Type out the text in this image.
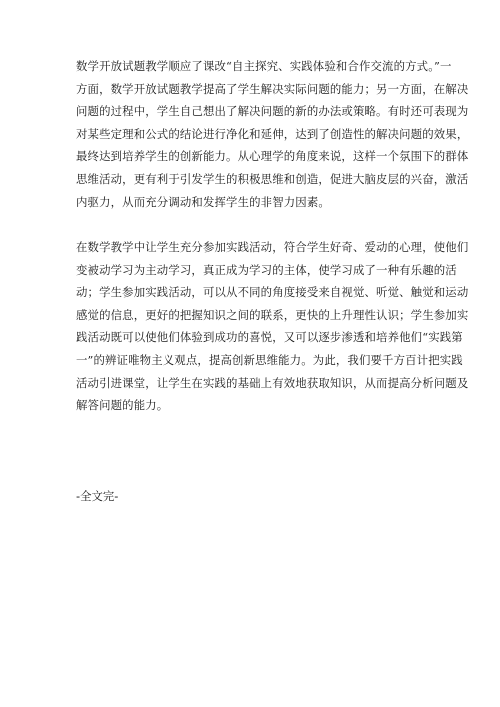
数学开放试题教学顺应了课改“自主探究、实践体验和合作交流的方式。”一
方面，数学开放试题教学提高了学生解决实际问题的能力；另一方面，在解决
问题的过程中，学生自己想出了解决问题的新的办法或策略。有时还可表现为
对某些定理和公式的结论进行净化和延伸，达到了创造性的解决问题的效果，
最终达到培养学生的创新能力。从心理学的角度来说，这样一个氛围下的群体
思维活动，更有利于引发学生的积极思维和创造，促进大脑皮层的兴奋，激活
内驱力，从而充分调动和发挥学生的非智力因素。
在数学教学中让学生充分参加实践活动，符合学生好奇、爱动的心理，使他们
变被动学习为主动学习，真正成为学习的主体，使学习成了一种有乐趣的活
动；学生参加实践活动，可以从不同的角度接受来自视觉、听觉、触觉和运动
感觉的信息，更好的把握知识之间的联系，更快的上升理性认识；学生参加实
践活动既可以使他们体验到成功的喜悦，又可以逐步渗透和培养他们“实践第
一”的辨证唯物主义观点，提高创新思维能力。为此，我们要千方百计把实践
活动引进课堂，让学生在实践的基础上有效地获取知识，从而提高分析问题及
解答问题的能力。
-全文完-
